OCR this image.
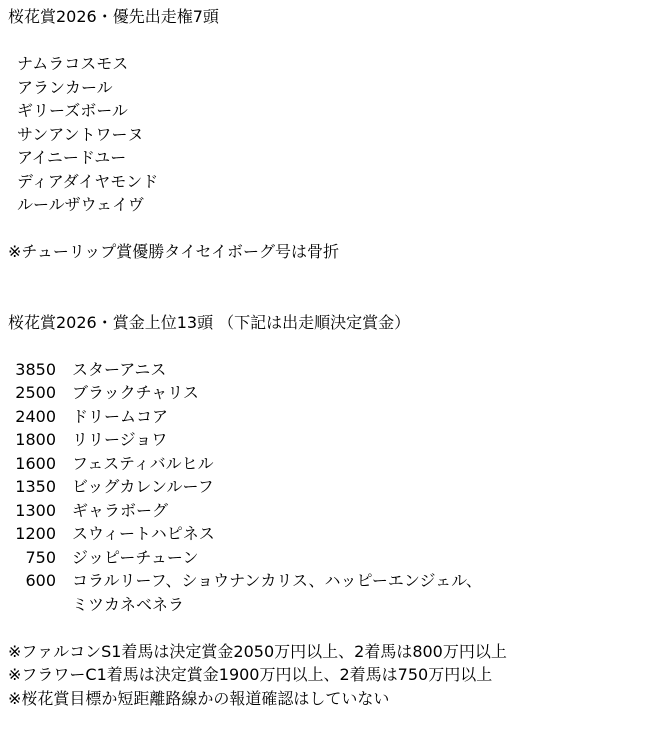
桜花賞2026・優先出走権7頭
ナムラコスモス
アランカール
ギリーズボール
サンアントワーヌ
アイニードユー
ディアダイヤモンド
ルールザウェイヴ
※チューリップ賞優勝タイセイボーグ号は骨折
桜花賞2026・賞金上位13頭 （下記は出走順決定賞金）
3850 スターアニス
2500 ブラックチャリス
2400 ドリームコア
1800 リリージョワ
1600 フェスティバルヒル
1350 ビッグカレンルーフ
1300 ギャラボーグ
1200 スウィートハピネス
750 ジッピーチューン
600 コラルリーフ、ショウナンカリス、ハッピーエンジェル、
ミツカネベネラ
※ファルコンS1着馬は決定賞金2050万円以上、2着馬は800万円以上
※フラワーC1着馬は決定賞金1900万円以上、2着馬は750万円以上
※桜花賞目標か短距離路線かの報道確認はしていない
